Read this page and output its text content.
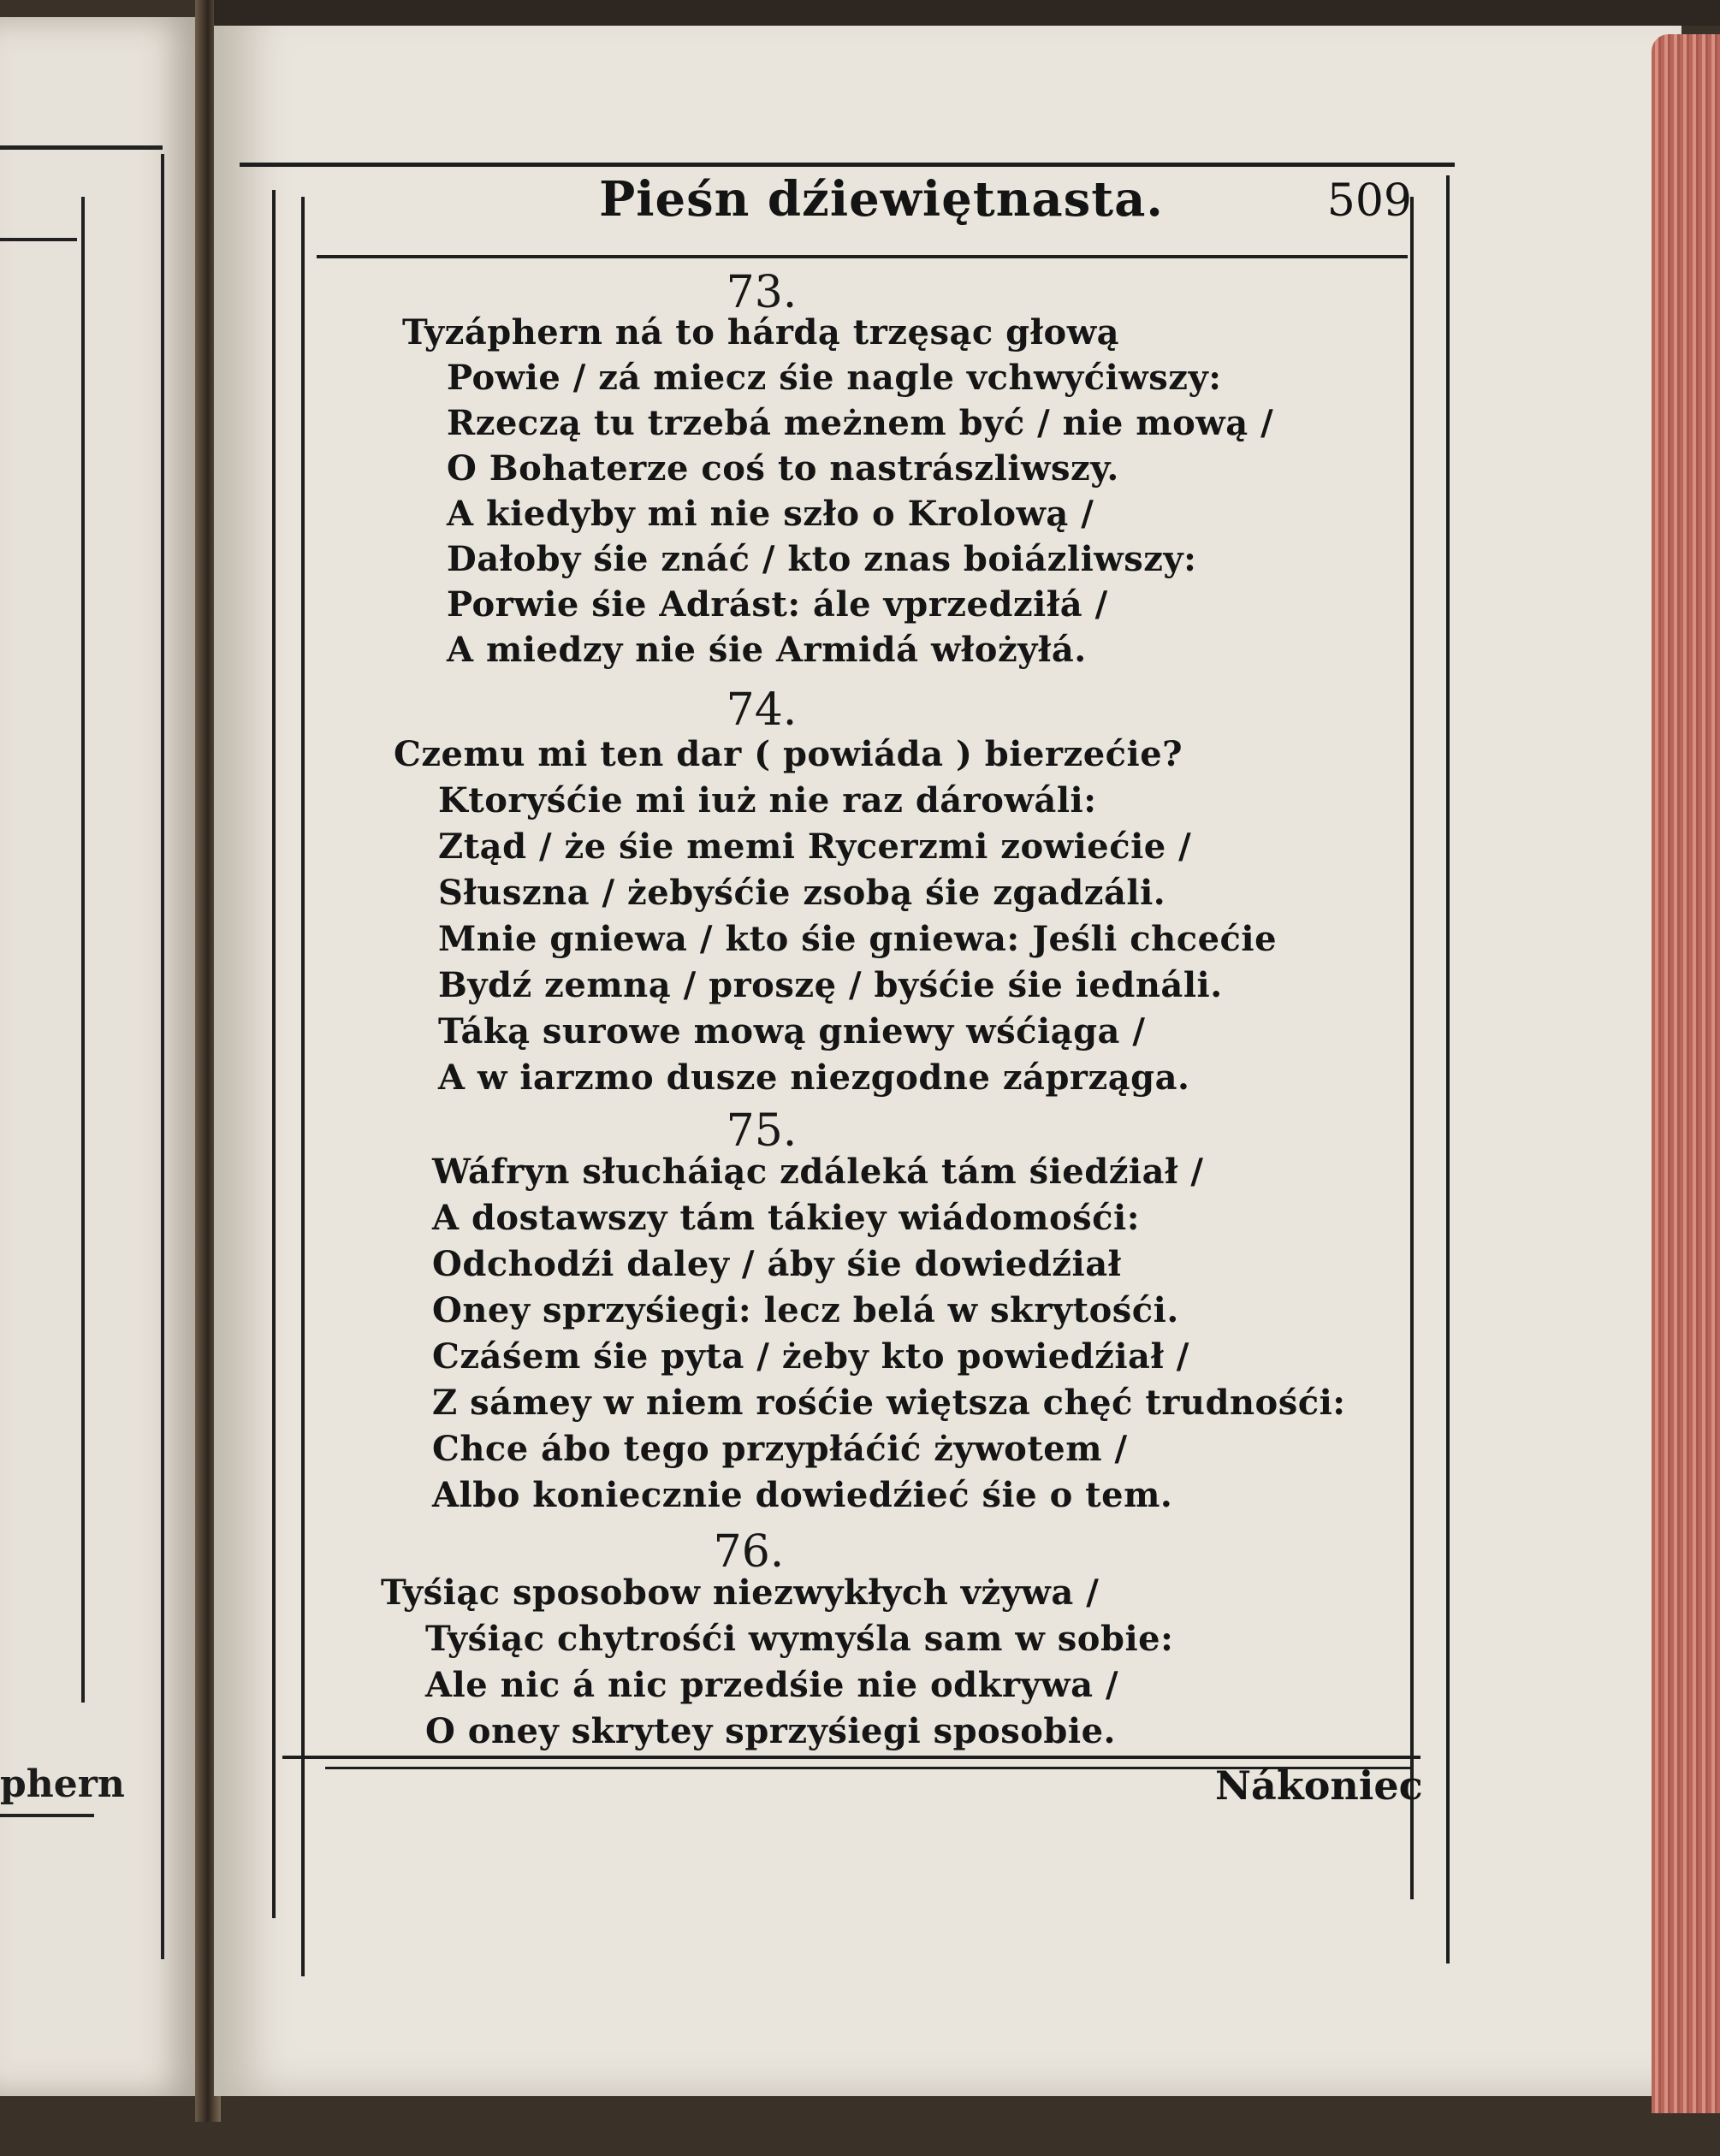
phern
Pieśn dźiewiętnasta.	509
73.
Tyzáphern ná to hárdą trzęsąc głową
Powie / zá miecz śie nagle vchwyćiwszy:
Rzeczą tu trzebá meżnem być / nie mową /
O Bohaterze coś to nastrászliwszy.
A kiedyby mi nie szło o Krolową /
Dałoby śie znáć / kto znas boiázliwszy:
Porwie śie Adrást: ále vprzedziłá /
A miedzy nie śie Armidá włożyłá.
74.
Czemu mi ten dar ( powiáda ) bierzećie?
Ktoryśćie mi iuż nie raz dárowáli:
Ztąd / że śie memi Rycerzmi zowiećie /
Słuszna / żebyśćie zsobą śie zgadzáli.
Mnie gniewa / kto śie gniewa: Jeśli chcećie
Bydź zemną / proszę / byśćie śie iednáli.
Táką surowe mową gniewy wśćiąga /
A w iarzmo dusze niezgodne záprząga.
75.
Wáfryn słucháiąc zdáleká tám śiedźiał /
A dostawszy tám tákiey wiádomośći:
Odchodźi daley / áby śie dowiedźiał
Oney sprzyśiegi: lecz belá w skrytośći.
Czáśem śie pyta / żeby kto powiedźiał /
Z sámey w niem rośćie więtsza chęć trudnośći:
Chce ábo tego przypłáćić żywotem /
Albo koniecznie dowiedźieć śie o tem.
76.
Tyśiąc sposobow niezwykłych vżywa /
Tyśiąc chytrośći wymyśla sam w sobie:
Ale nic á nic przedśie nie odkrywa /
O oney skrytey sprzyśiegi sposobie.
Nákoniec
